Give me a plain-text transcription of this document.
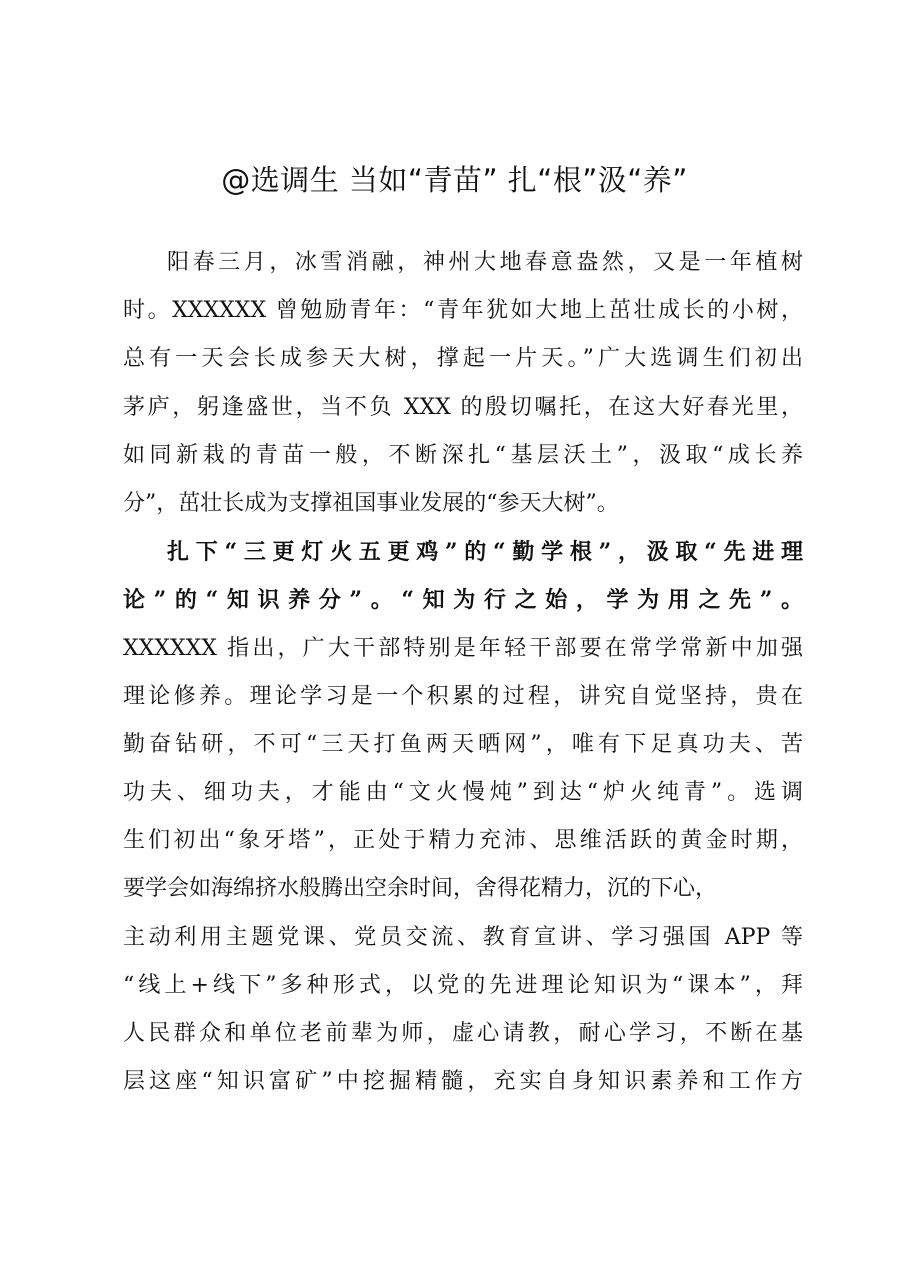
@选调生 当如“青苗” 扎“根”汲“养”
阳春三月，冰雪消融，神州大地春意盎然，又是一年植树
时。XXXXXX 曾勉励青年：“青年犹如大地上茁壮成长的小树，
总有一天会长成参天大树，撑起一片天。”广大选调生们初出
茅庐，躬逢盛世，当不负 XXX 的殷切嘱托，在这大好春光里，
如同新栽的青苗一般，不断深扎“基层沃土”，汲取“成长养
分”，茁壮长成为支撑祖国事业发展的“参天大树”。
扎下“三更灯火五更鸡”的“勤学根”，汲取“先进理
论”的“知识养分”。“知为行之始，学为用之先”。
XXXXXX 指出，广大干部特别是年轻干部要在常学常新中加强
理论修养。理论学习是一个积累的过程，讲究自觉坚持，贵在
勤奋钻研，不可“三天打鱼两天晒网”，唯有下足真功夫、苦
功夫、细功夫，才能由“文火慢炖”到达“炉火纯青”。选调
生们初出“象牙塔”，正处于精力充沛、思维活跃的黄金时期，
要学会如海绵挤水般腾出空余时间，舍得花精力，沉的下心，
主动利用主题党课、党员交流、教育宣讲、学习强国 APP 等
“线上+线下”多种形式，以党的先进理论知识为“课本”，拜
人民群众和单位老前辈为师，虚心请教，耐心学习，不断在基
层这座“知识富矿”中挖掘精髓，充实自身知识素养和工作方
